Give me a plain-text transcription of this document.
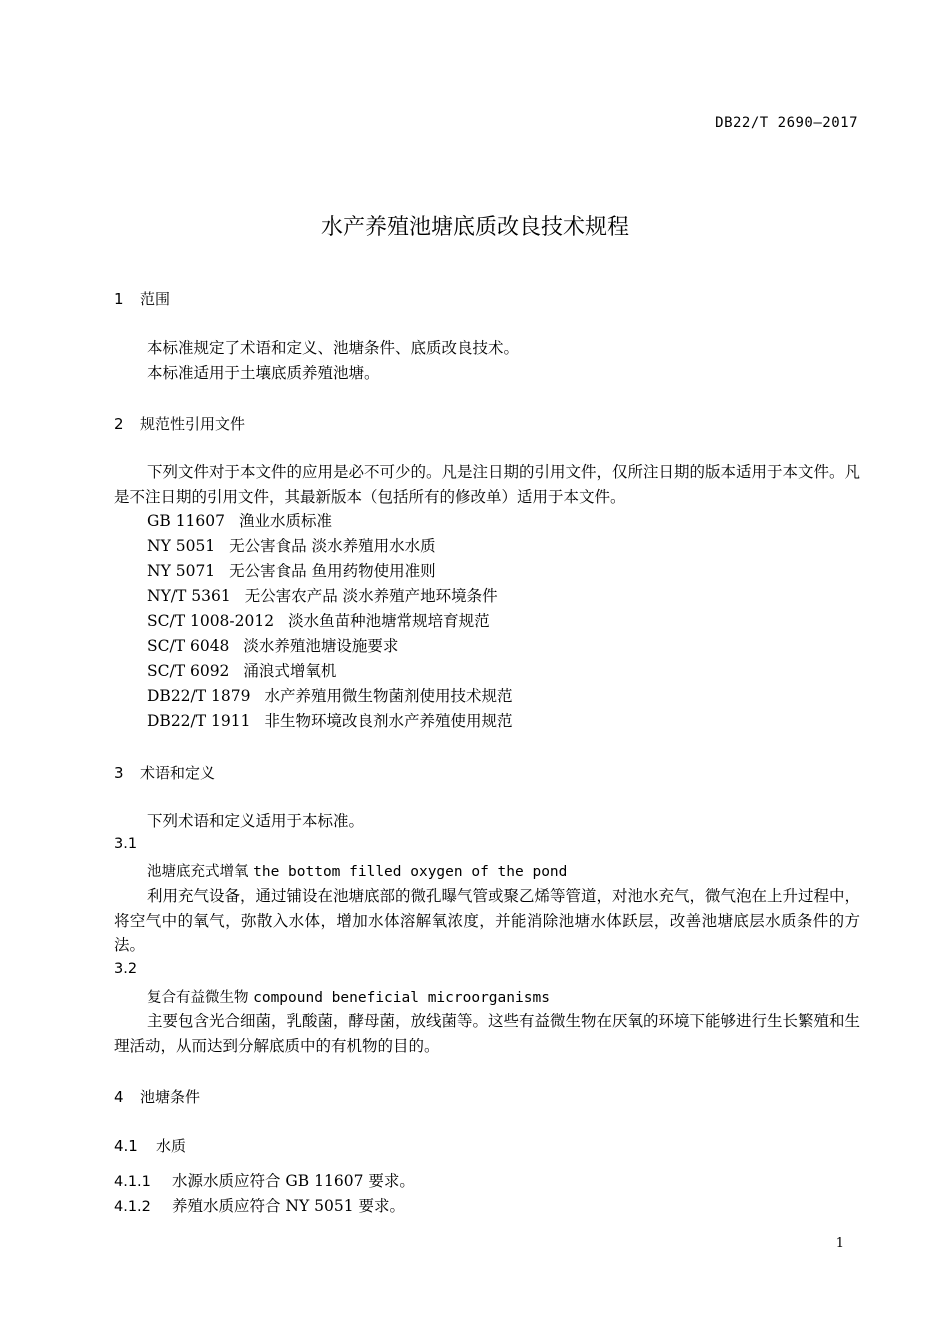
DB22/T 2690—2017
水产养殖池塘底质改良技术规程
1 范围
本标准规定了术语和定义、池塘条件、底质改良技术。
本标准适用于土壤底质养殖池塘。
2 规范性引用文件
下列文件对于本文件的应用是必不可少的。凡是注日期的引用文件，仅所注日期的版本适用于本文件。凡是不注日期的引用文件，其最新版本（包括所有的修改单）适用于本文件。
GB 11607 渔业水质标准
NY 5051 无公害食品 淡水养殖用水水质
NY 5071 无公害食品 鱼用药物使用准则
NY/T 5361 无公害农产品 淡水养殖产地环境条件
SC/T 1008-2012 淡水鱼苗种池塘常规培育规范
SC/T 6048 淡水养殖池塘设施要求
SC/T 6092 涌浪式增氧机
DB22/T 1879 水产养殖用微生物菌剂使用技术规范
DB22/T 1911 非生物环境改良剂水产养殖使用规范
3 术语和定义
下列术语和定义适用于本标准。
3.1
池塘底充式增氧 the bottom filled oxygen of the pond
利用充气设备，通过铺设在池塘底部的微孔曝气管或聚乙烯等管道，对池水充气，微气泡在上升过程中，将空气中的氧气，弥散入水体，增加水体溶解氧浓度，并能消除池塘水体跃层，改善池塘底层水质条件的方法。
3.2
复合有益微生物 compound beneficial microorganisms
主要包含光合细菌，乳酸菌，酵母菌，放线菌等。这些有益微生物在厌氧的环境下能够进行生长繁殖和生理活动，从而达到分解底质中的有机物的目的。
4 池塘条件
4.1 水质
4.1.1 水源水质应符合 GB 11607 要求。
4.1.2 养殖水质应符合 NY 5051 要求。
1
